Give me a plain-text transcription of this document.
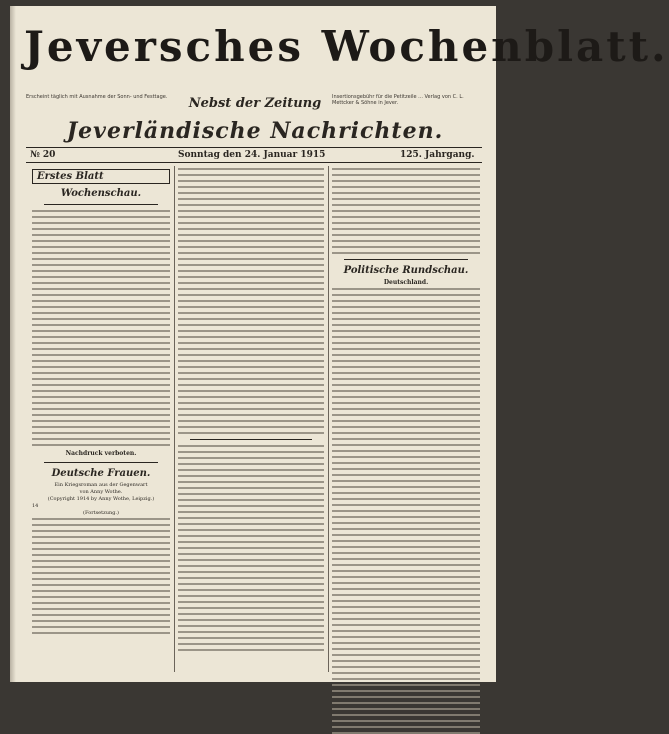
Jeversches Wochenblatt.
Erscheint täglich mit Ausnahme der Sonn- und Festtage.	Nebst der Zeitung	Insertionsgebühr für die Petitzeile ... Verlag von C. L. Mettcker & Söhne in Jever.
Jeverländische Nachrichten.
№ 20	Sonntag den 24. Januar 1915	125. Jahrgang.
Erstes Blatt
Wochenschau.
Nachdruck verboten.
Deutsche Frauen.
Ein Kriegsroman aus der Gegenwart
von Anny Wothe.
(Copyright 1914 by Anny Wothe, Leipzig.)
14
(Fortsetzung.)
Politische Rundschau.
Deutschland.
